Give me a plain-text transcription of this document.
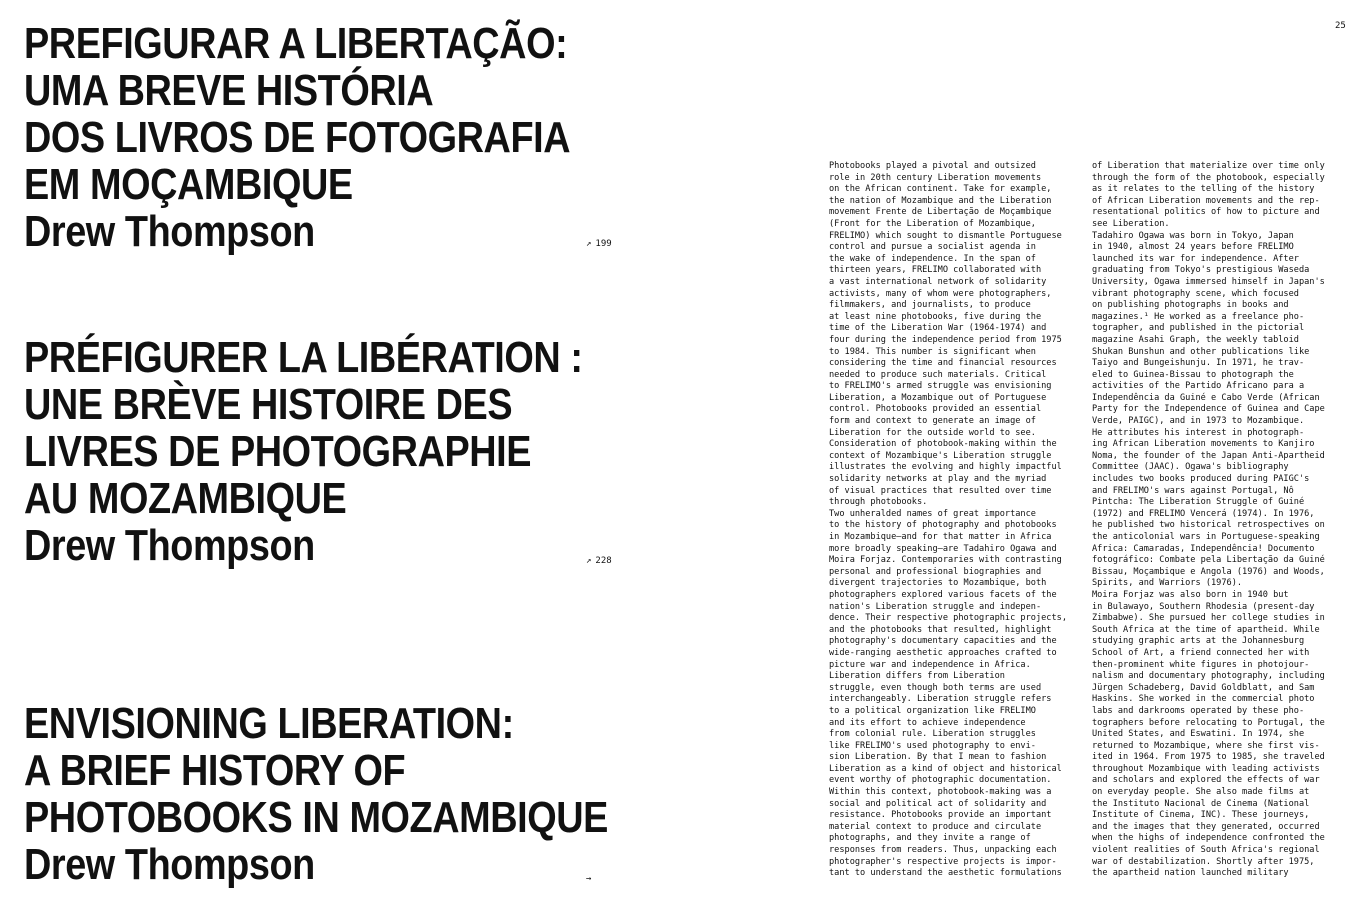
PREFIGURAR A LIBERTAÇÃO:
UMA BREVE HISTÓRIA
DOS LIVROS DE FOTOGRAFIA
EM MOÇAMBIQUE
Drew Thompson	↗ 199
PRÉFIGURER LA LIBÉRATION :
UNE BRÈVE HISTOIRE DES
LIVRES DE PHOTOGRAPHIE
AU MOZAMBIQUE
Drew Thompson	↗ 228
ENVISIONING LIBERATION:
A BRIEF HISTORY OF
PHOTOBOOKS IN MOZAMBIQUE
Drew Thompson	→
25

Photobooks played a pivotal and outsized
role in 20th century Liberation movements
on the African continent. Take for example,
the nation of Mozambique and the Liberation
movement Frente de Libertação de Moçambique
(Front for the Liberation of Mozambique,
FRELIMO) which sought to dismantle Portuguese
control and pursue a socialist agenda in
the wake of independence. In the span of
thirteen years, FRELIMO collaborated with
a vast international network of solidarity
activists, many of whom were photographers,
filmmakers, and journalists, to produce
at least nine photobooks, five during the
time of the Liberation War (1964-1974) and
four during the independence period from 1975
to 1984. This number is significant when
considering the time and financial resources
needed to produce such materials. Critical
to FRELIMO's armed struggle was envisioning
Liberation, a Mozambique out of Portuguese
control. Photobooks provided an essential
form and context to generate an image of
Liberation for the outside world to see.
Consideration of photobook-making within the
context of Mozambique's Liberation struggle
illustrates the evolving and highly impactful
solidarity networks at play and the myriad
of visual practices that resulted over time
through photobooks.

Two unheralded names of great importance
to the history of photography and photobooks
in Mozambique—and for that matter in Africa
more broadly speaking—are Tadahiro Ogawa and
Moira Forjaz. Contemporaries with contrasting
personal and professional biographies and
divergent trajectories to Mozambique, both
photographers explored various facets of the
nation's Liberation struggle and indepen-
dence. Their respective photographic projects,
and the photobooks that resulted, highlight
photography's documentary capacities and the
wide-ranging aesthetic approaches crafted to
picture war and independence in Africa.

Liberation differs from Liberation
struggle, even though both terms are used
interchangeably. Liberation struggle refers
to a political organization like FRELIMO
and its effort to achieve independence
from colonial rule. Liberation struggles
like FRELIMO's used photography to envi-
sion Liberation. By that I mean to fashion
Liberation as a kind of object and historical
event worthy of photographic documentation.
Within this context, photobook-making was a
social and political act of solidarity and
resistance. Photobooks provide an important
material context to produce and circulate
photographs, and they invite a range of
responses from readers. Thus, unpacking each
photographer's respective projects is impor-
tant to understand the aesthetic formulations

of Liberation that materialize over time only
through the form of the photobook, especially
as it relates to the telling of the history
of African Liberation movements and the rep-
resentational politics of how to picture and
see Liberation.

Tadahiro Ogawa was born in Tokyo, Japan
in 1940, almost 24 years before FRELIMO
launched its war for independence. After
graduating from Tokyo's prestigious Waseda
University, Ogawa immersed himself in Japan's
vibrant photography scene, which focused
on publishing photographs in books and
magazines.¹ He worked as a freelance pho-
tographer, and published in the pictorial
magazine Asahi Graph, the weekly tabloid
Shukan Bunshun and other publications like
Taiyo and Bungeishunju. In 1971, he trav-
eled to Guinea-Bissau to photograph the
activities of the Partido Africano para a
Independência da Guiné e Cabo Verde (African
Party for the Independence of Guinea and Cape
Verde, PAIGC), and in 1973 to Mozambique.
He attributes his interest in photograph-
ing African Liberation movements to Kanjiro
Noma, the founder of the Japan Anti-Apartheid
Committee (JAAC). Ogawa's bibliography
includes two books produced during PAIGC's
and FRELIMO's wars against Portugal, Nô
Pintcha: The Liberation Struggle of Guiné
(1972) and FRELIMO Vencerá (1974). In 1976,
he published two historical retrospectives on
the anticolonial wars in Portuguese-speaking
Africa: Camaradas, Independência! Documento
fotográfico: Combate pela Libertação da Guiné
Bissau, Moçambique e Angola (1976) and Woods,
Spirits, and Warriors (1976).

Moira Forjaz was also born in 1940 but
in Bulawayo, Southern Rhodesia (present-day
Zimbabwe). She pursued her college studies in
South Africa at the time of apartheid. While
studying graphic arts at the Johannesburg
School of Art, a friend connected her with
then-prominent white figures in photojour-
nalism and documentary photography, including
Jürgen Schadeberg, David Goldblatt, and Sam
Haskins. She worked in the commercial photo
labs and darkrooms operated by these pho-
tographers before relocating to Portugal, the
United States, and Eswatini. In 1974, she
returned to Mozambique, where she first vis-
ited in 1964. From 1975 to 1985, she traveled
throughout Mozambique with leading activists
and scholars and explored the effects of war
on everyday people. She also made films at
the Instituto Nacional de Cinema (National
Institute of Cinema, INC). These journeys,
and the images that they generated, occurred
when the highs of independence confronted the
violent realities of South Africa's regional
war of destabilization. Shortly after 1975,
the apartheid nation launched military
